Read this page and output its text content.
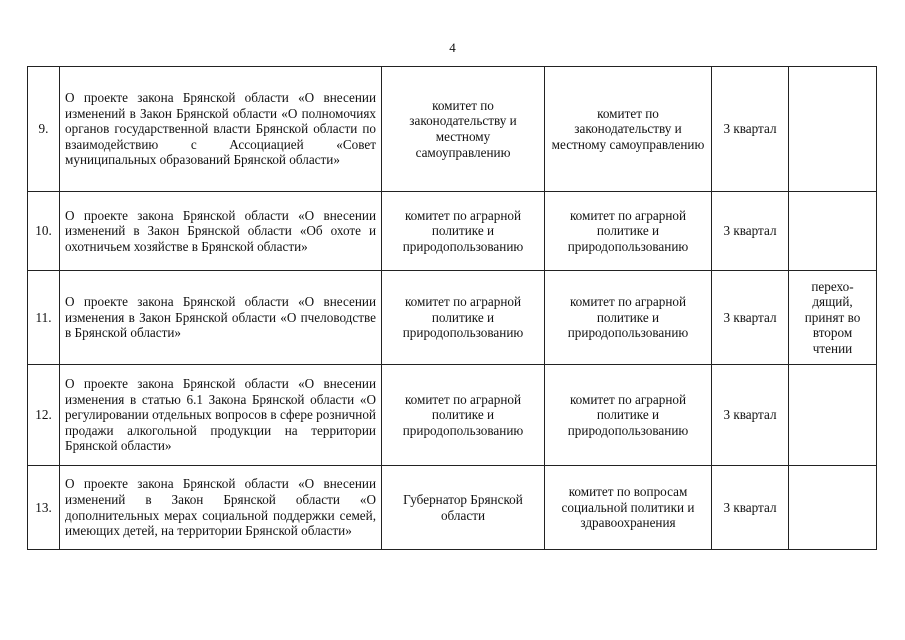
4
9.	О проекте закона Брянской области «О внесении изменений в Закон Брянской области «О полномочиях органов государственной власти Брянской области по взаимодействию с Ассоциацией «Совет муниципальных образований Брянской области»	комитет по законодательству и местному самоуправлению	комитет по законодательству и местному самоуправлению	3 квартал	
10.	О проекте закона Брянской области «О внесении изменений в Закон Брянской области «Об охоте и охотничьем хозяйстве в Брянской области»	комитет по аграрной политике и природопользованию	комитет по аграрной политике и природопользованию	3 квартал	
11.	О проекте закона Брянской области «О внесении изменения в Закон Брянской области «О пчеловодстве в Брянской области»	комитет по аграрной политике и природопользованию	комитет по аграрной политике и природопользованию	3 квартал	перехо-дящий, принят во втором чтении
12.	О проекте закона Брянской области «О внесении изменения в статью 6.1 Закона Брянской области «О регулировании отдельных вопросов в сфере розничной продажи алкогольной продукции на территории Брянской области»	комитет по аграрной политике и природопользованию	комитет по аграрной политике и природопользованию	3 квартал	
13.	О проекте закона Брянской области «О внесении изменений в Закон Брянской области «О дополнительных мерах социальной поддержки семей, имеющих детей, на территории Брянской области»	Губернатор Брянской области	комитет по вопросам социальной политики и здравоохранения	3 квартал	
